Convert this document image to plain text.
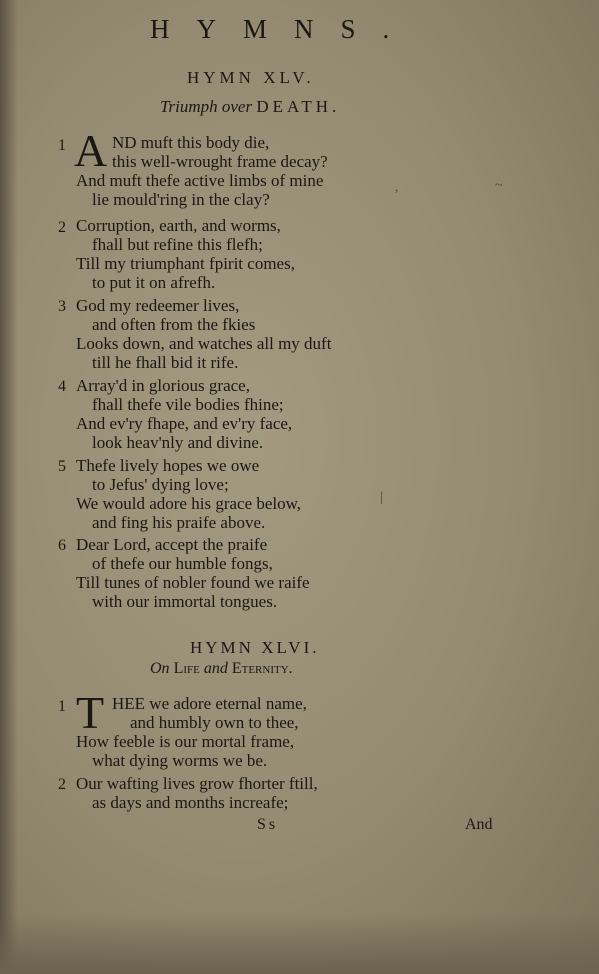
HYMNS.
HYMN XLV.
Triumph over DEATH.
1 A ND muft this body die,
this well-wrought frame decay?
And muft thefe active limbs of mine
lie mould'ring in the clay?
2 Corruption, earth, and worms,
fhall but refine this flefh;
Till my triumphant fpirit comes,
to put it on afrefh.
3 God my redeemer lives,
and often from the fkies
Looks down, and watches all my duft
till he fhall bid it rife.
4 Array'd in glorious grace,
fhall thefe vile bodies fhine;
And ev'ry fhape, and ev'ry face,
look heav'nly and divine.
5 Thefe lively hopes we owe
to Jefus' dying love;
We would adore his grace below,
and fing his praife above.
6 Dear Lord, accept the praife
of thefe our humble fongs,
Till tunes of nobler found we raife
with our immortal tongues.
HYMN XLVI.
On Life and Eternity.
1 T HEE we adore eternal name,
and humbly own to thee,
How feeble is our mortal frame,
what dying worms we be.
2 Our wafting lives grow fhorter ftill,
as days and months increafe;
Ss	And
,	~
|
